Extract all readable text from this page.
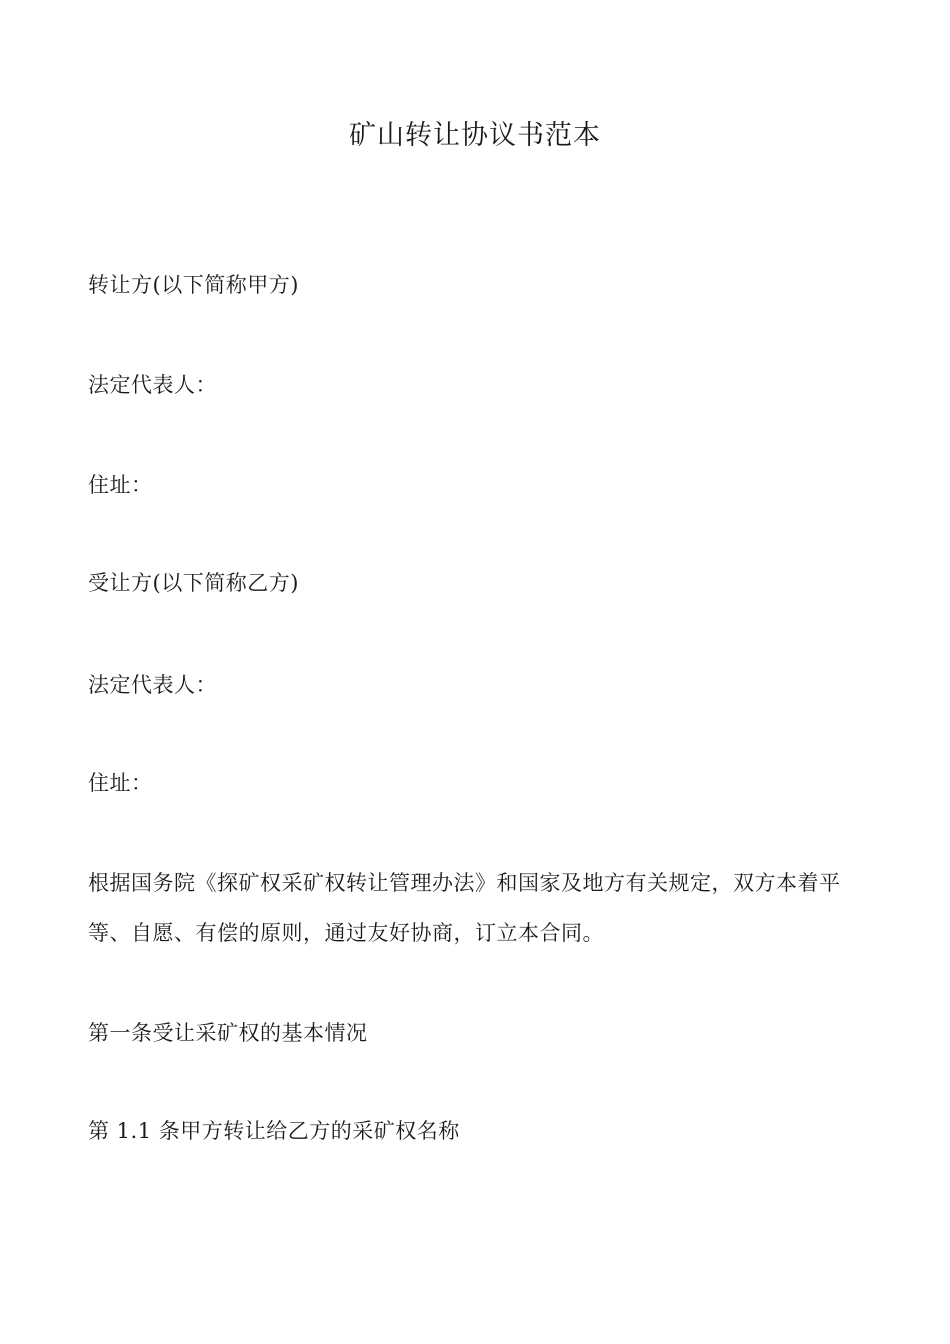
矿山转让协议书范本

转让方(以下简称甲方)

法定代表人：

住址：

受让方(以下简称乙方)

法定代表人：

住址：

根据国务院《探矿权采矿权转让管理办法》和国家及地方有关规定，双方本着平等、自愿、有偿的原则，通过友好协商，订立本合同。

第一条受让采矿权的基本情况

第 1.1 条甲方转让给乙方的采矿权名称
